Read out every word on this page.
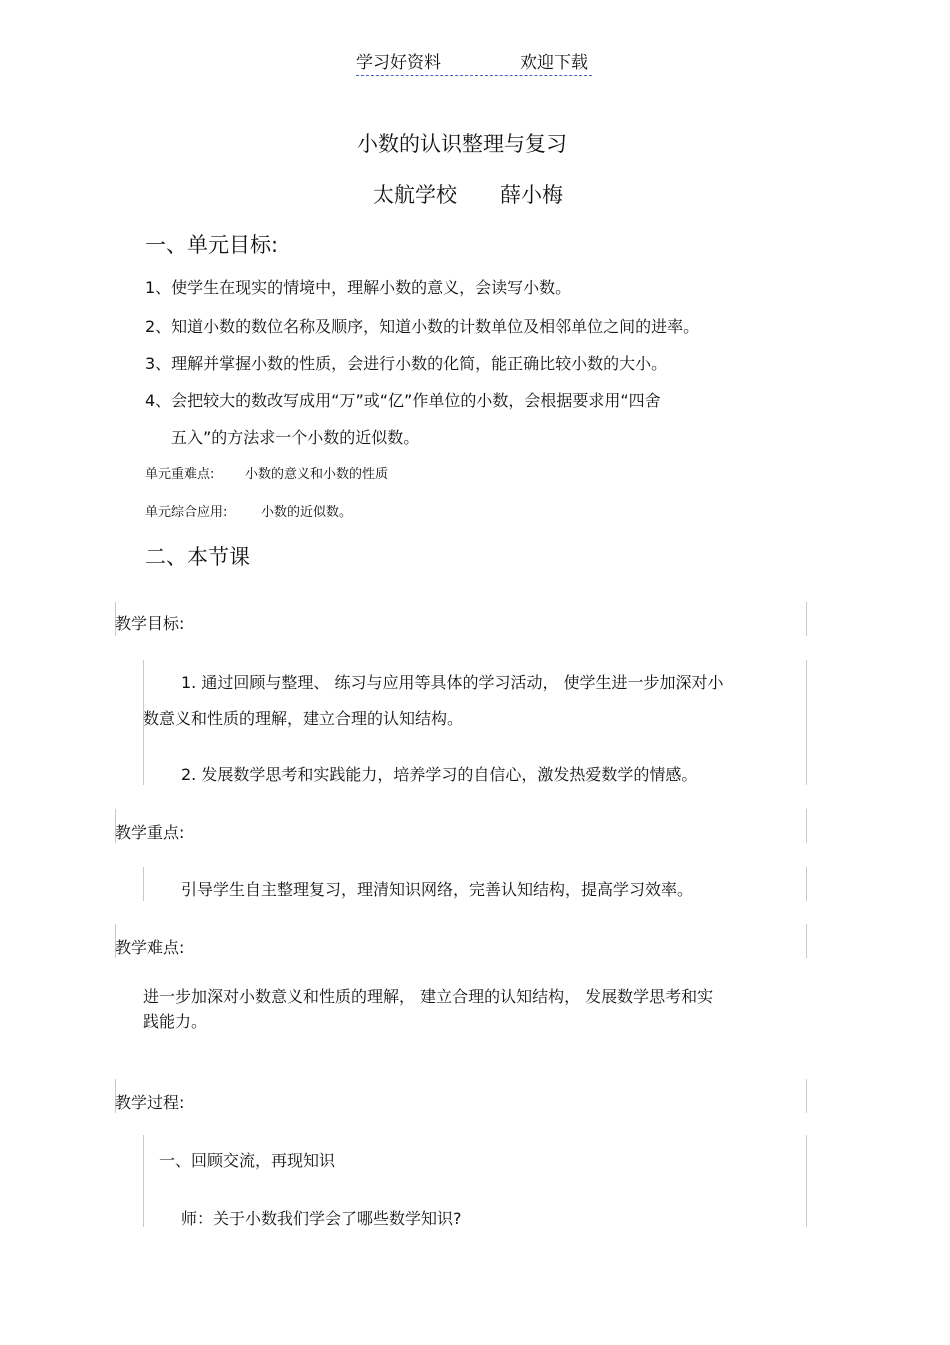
学习好资料	欢迎下载
小数的认识整理与复习
太航学校 薛小梅
一、单元目标:
1、使学生在现实的情境中，理解小数的意义，会读写小数。
2、知道小数的数位名称及顺序，知道小数的计数单位及相邻单位之间的进率。
3、理解并掌握小数的性质，会进行小数的化简，能正确比较小数的大小。
4、会把较大的数改写成用“万”或“亿”作单位的小数，会根据要求用“四舍
五入”的方法求一个小数的近似数。
单元重难点: 小数的意义和小数的性质
单元综合应用:	小数的近似数。
二、本节课
教学目标:
1. 通过回顾与整理、 练习与应用等具体的学习活动， 使学生进一步加深对小
数意义和性质的理解，建立合理的认知结构。
2. 发展数学思考和实践能力，培养学习的自信心，激发热爱数学的情感。
教学重点:
引导学生自主整理复习，理清知识网络，完善认知结构，提高学习效率。
教学难点:
进一步加深对小数意义和性质的理解， 建立合理的认知结构， 发展数学思考和实
践能力。
教学过程:
一、回顾交流，再现知识
师：关于小数我们学会了哪些数学知识?
